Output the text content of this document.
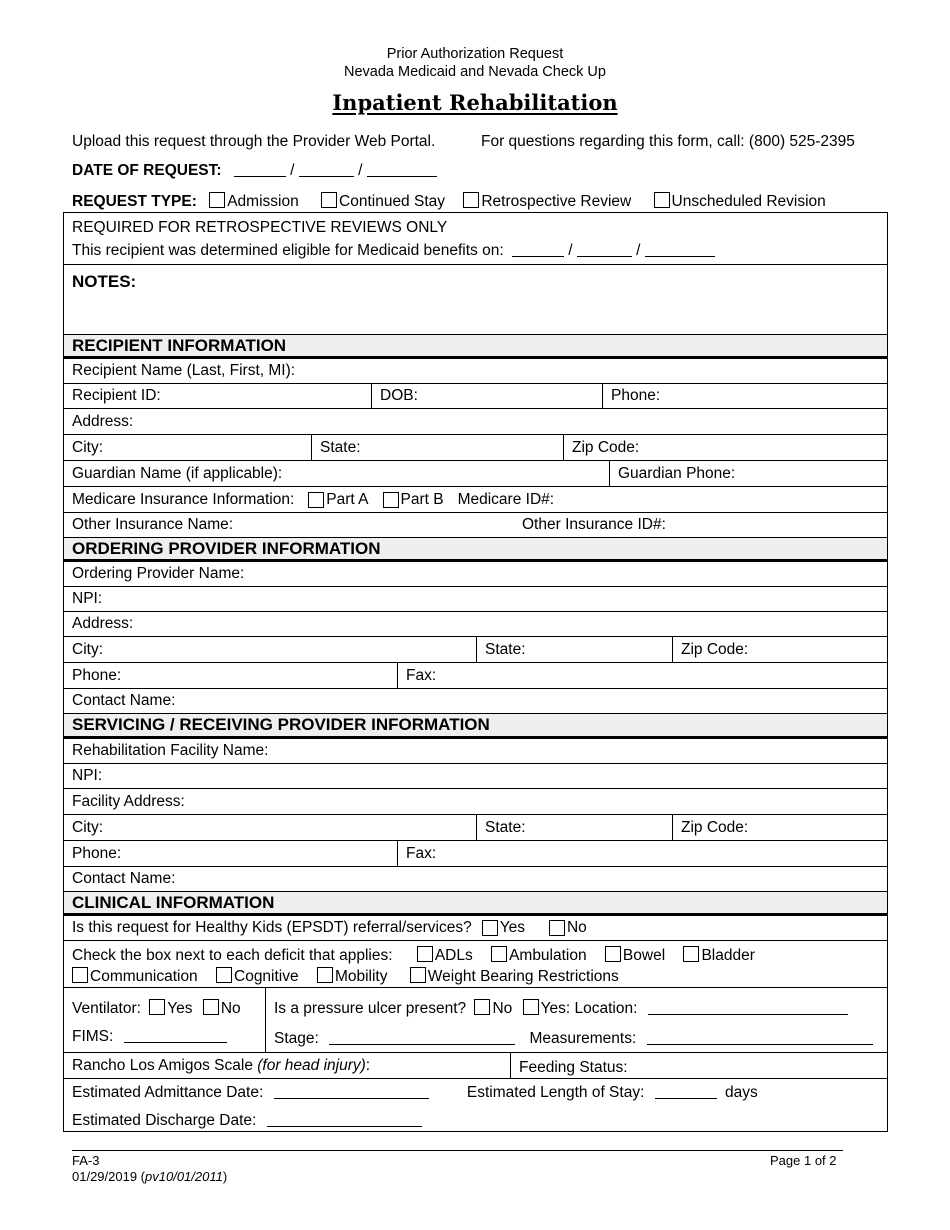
Prior Authorization Request
Nevada Medicaid and Nevada Check Up
Inpatient Rehabilitation
Upload this request through the Provider Web Portal.	For questions regarding this form, call: (800) 525-2395
DATE OF REQUEST:	/	/
REQUEST TYPE: Admission	Continued Stay Retrospective Review	Unscheduled Revision
REQUIRED FOR RETROSPECTIVE REVIEWS ONLY
This recipient was determined eligible for Medicaid benefits on:	/	/
NOTES:
RECIPIENT INFORMATION
Recipient Name (Last, First, MI):
Recipient ID:	DOB:	Phone:
Address:
City:	State:	Zip Code:
Guardian Name (if applicable):	Guardian Phone:
Medicare Insurance Information: Part A Part B Medicare ID#:
Other Insurance Name:	Other Insurance ID#:
ORDERING PROVIDER INFORMATION
Ordering Provider Name:
NPI:
Address:
City:	State:	Zip Code:
Phone:	Fax:
Contact Name:
SERVICING / RECEIVING PROVIDER INFORMATION
Rehabilitation Facility Name:
NPI:
Facility Address:
City:	State:	Zip Code:
Phone:	Fax:
Contact Name:
CLINICAL INFORMATION
Is this request for Healthy Kids (EPSDT) referral/services? Yes	No
Check the box next to each deficit that applies:	ADLs Ambulation Bowel Bladder
Communication Cognitive Mobility	Weight Bearing Restrictions
Ventilator: Yes No
FIMS:
Is a pressure ulcer present? No Yes: Location:
Stage:	Measurements:
Rancho Los Amigos Scale
(for head injury) :	Feeding Status:
Estimated Admittance Date:	Estimated Length of Stay:	days
Estimated Discharge Date:
FA-3
01/29/2019 (pv10/01/2011)
Page 1 of 2
